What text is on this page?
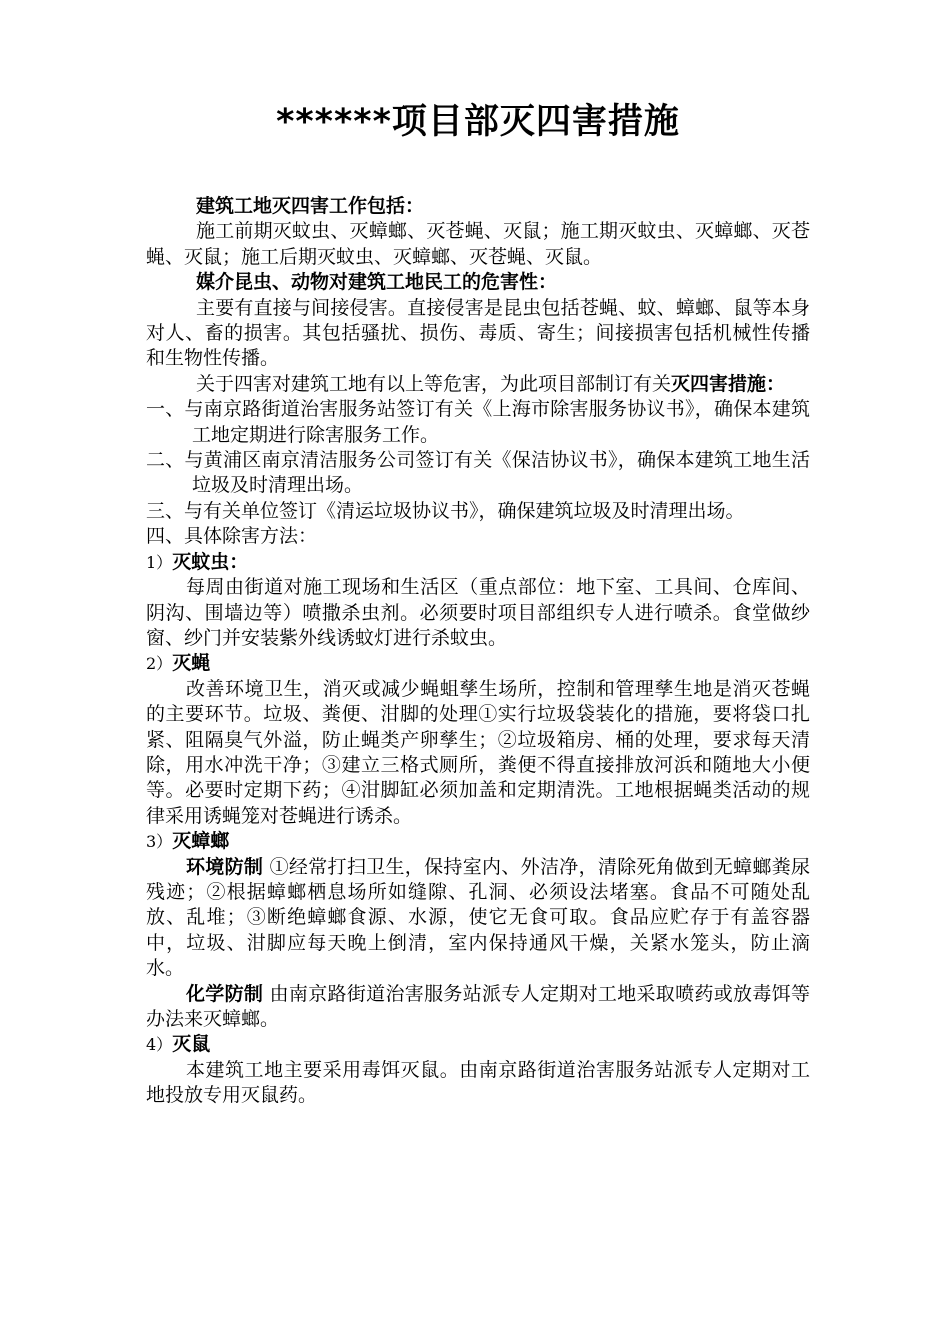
******项目部灭四害措施

建筑工地灭四害工作包括：

施工前期灭蚊虫、灭蟑螂、灭苍蝇、灭鼠；施工期灭蚊虫、灭蟑螂、灭苍蝇、灭鼠；施工后期灭蚊虫、灭蟑螂、灭苍蝇、灭鼠。

媒介昆虫、动物对建筑工地民工的危害性：

主要有直接与间接侵害。直接侵害是昆虫包括苍蝇、蚊、蟑螂、鼠等本身对人、畜的损害。其包括骚扰、损伤、毒质、寄生；间接损害包括机械性传播和生物性传播。

关于四害对建筑工地有以上等危害，为此项目部制订有关灭四害措施：

一、与南京路街道治害服务站签订有关《上海市除害服务协议书》，确保本建筑工地定期进行除害服务工作。

二、与黄浦区南京清洁服务公司签订有关《保洁协议书》，确保本建筑工地生活垃圾及时清理出场。

三、与有关单位签订《清运垃圾协议书》，确保建筑垃圾及时清理出场。

四、具体除害方法：

1）灭蚊虫：

每周由街道对施工现场和生活区（重点部位：地下室、工具间、仓库间、阴沟、围墙边等）喷撒杀虫剂。必须要时项目部组织专人进行喷杀。食堂做纱窗、纱门并安装紫外线诱蚊灯进行杀蚊虫。

2）灭蝇

改善环境卫生，消灭或减少蝇蛆孳生场所，控制和管理孳生地是消灭苍蝇的主要环节。垃圾、粪便、泔脚的处理①实行垃圾袋装化的措施，要将袋口扎紧、阻隔臭气外溢，防止蝇类产卵孳生；②垃圾箱房、桶的处理，要求每天清除，用水冲洗干净；③建立三格式厕所，粪便不得直接排放河浜和随地大小便等。必要时定期下药；④泔脚缸必须加盖和定期清洗。工地根据蝇类活动的规律采用诱蝇笼对苍蝇进行诱杀。

3）灭蟑螂

环境防制 ①经常打扫卫生，保持室内、外洁净，清除死角做到无蟑螂粪尿残迹；②根据蟑螂栖息场所如缝隙、孔洞、必须设法堵塞。食品不可随处乱放、乱堆；③断绝蟑螂食源、水源，使它无食可取。食品应贮存于有盖容器中，垃圾、泔脚应每天晚上倒清，室内保持通风干燥，关紧水笼头，防止滴水。

化学防制 由南京路街道治害服务站派专人定期对工地采取喷药或放毒饵等办法来灭蟑螂。

4）灭鼠

本建筑工地主要采用毒饵灭鼠。由南京路街道治害服务站派专人定期对工地投放专用灭鼠药。
